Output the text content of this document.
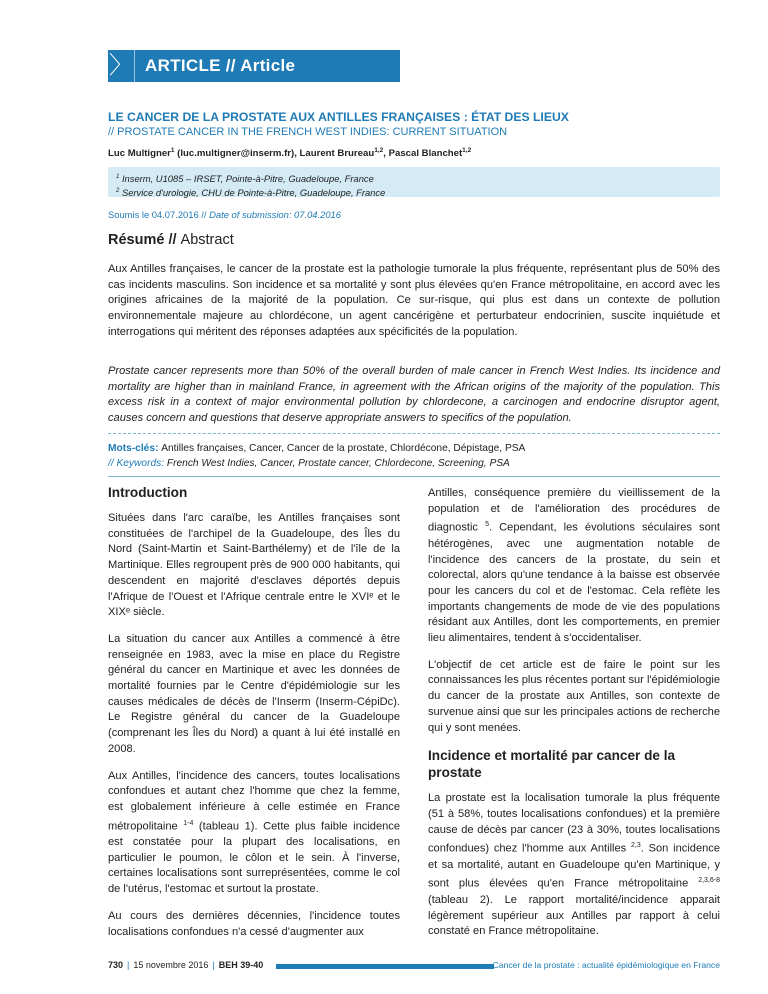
〉 ARTICLE // Article
LE CANCER DE LA PROSTATE AUX ANTILLES FRANÇAISES : ÉTAT DES LIEUX
// PROSTATE CANCER IN THE FRENCH WEST INDIES: CURRENT SITUATION
Luc Multigner$^1$ (luc.multigner@inserm.fr), Laurent Brureau$^{1,2}$, Pascal Blanchet$^{1,2}$
$^1$ Inserm, U1085 – IRSET, Pointe-à-Pitre, Guadeloupe, France
$^2$ Service d'urologie, CHU de Pointe-à-Pitre, Guadeloupe, France
Soumis le 04.07.2016 // Date of submission: 07.04.2016
Résumé // Abstract
Aux Antilles françaises, le cancer de la prostate est la pathologie tumorale la plus fréquente, représentant plus de 50% des cas incidents masculins. Son incidence et sa mortalité y sont plus élevées qu'en France métropolitaine, en accord avec les origines africaines de la majorité de la population. Ce sur-risque, qui plus est dans un contexte de pollution environnementale majeure au chlordécone, un agent cancérigène et perturbateur endocrinien, suscite inquiétude et interrogations qui méritent des réponses adaptées aux spécificités de la population.
Prostate cancer represents more than 50% of the overall burden of male cancer in French West Indies. Its incidence and mortality are higher than in mainland France, in agreement with the African origins of the majority of the population. This excess risk in a context of major environmental pollution by chlordecone, a carcinogen and endocrine disruptor agent, causes concern and questions that deserve appropriate answers to specifics of the population.
Mots-clés: Antilles françaises, Cancer, Cancer de la prostate, Chlordécone, Dépistage, PSA
// Keywords: French West Indies, Cancer, Prostate cancer, Chlordecone, Screening, PSA
Introduction

Situées dans l'arc caraïbe, les Antilles françaises sont constituées de l'archipel de la Guadeloupe, des Îles du Nord (Saint-Martin et Saint-Barthélemy) et de l'île de la Martinique. Elles regroupent près de 900 000 habitants, qui descendent en majorité d'esclaves déportés depuis l'Afrique de l'Ouest et l'Afrique centrale entre le XVIᵉ et le XIXᵉ siècle.

La situation du cancer aux Antilles a commencé à être renseignée en 1983, avec la mise en place du Registre général du cancer en Martinique et avec les données de mortalité fournies par le Centre d'épidémiologie sur les causes médicales de décès de l'Inserm (Inserm-CépiDc). Le Registre général du cancer de la Guadeloupe (comprenant les Îles du Nord) a quant à lui été installé en 2008.

Aux Antilles, l'incidence des cancers, toutes localisations confondues et autant chez l'homme que chez la femme, est globalement inférieure à celle estimée en France métropolitaine $^{1-4}$ (tableau 1). Cette plus faible incidence est constatée pour la plupart des localisations, en particulier le poumon, le côlon et le sein. À l'inverse, certaines localisations sont surreprésentées, comme le col de l'utérus, l'estomac et surtout la prostate.

Au cours des dernières décennies, l'incidence toutes localisations confondues n'a cessé d'augmenter aux

Antilles, conséquence première du vieillissement de la population et de l'amélioration des procédures de diagnostic $^5$. Cependant, les évolutions séculaires sont hétérogènes, avec une augmentation notable de l'incidence des cancers de la prostate, du sein et colorectal, alors qu'une tendance à la baisse est observée pour les cancers du col et de l'estomac. Cela reflète les importants changements de mode de vie des populations résidant aux Antilles, dont les comportements, en premier lieu alimentaires, tendent à s'occidentaliser.

L'objectif de cet article est de faire le point sur les connaissances les plus récentes portant sur l'épidémiologie du cancer de la prostate aux Antilles, son contexte de survenue ainsi que sur les principales actions de recherche qui y sont menées.

Incidence et mortalité par cancer de la prostate

La prostate est la localisation tumorale la plus fréquente (51 à 58%, toutes localisations confondues) et la première cause de décès par cancer (23 à 30%, toutes localisations confondues) chez l'homme aux Antilles $^{2,3}$. Son incidence et sa mortalité, autant en Guadeloupe qu'en Martinique, y sont plus élevées qu'en France métropolitaine $^{2,3,6-8}$ (tableau 2). Le rapport mortalité/incidence apparait légèrement supérieur aux Antilles par rapport à celui constaté en France métropolitaine.

730 | 15 novembre 2016 | BEH 39-40	Cancer de la prostate : actualité épidémiologique en France
